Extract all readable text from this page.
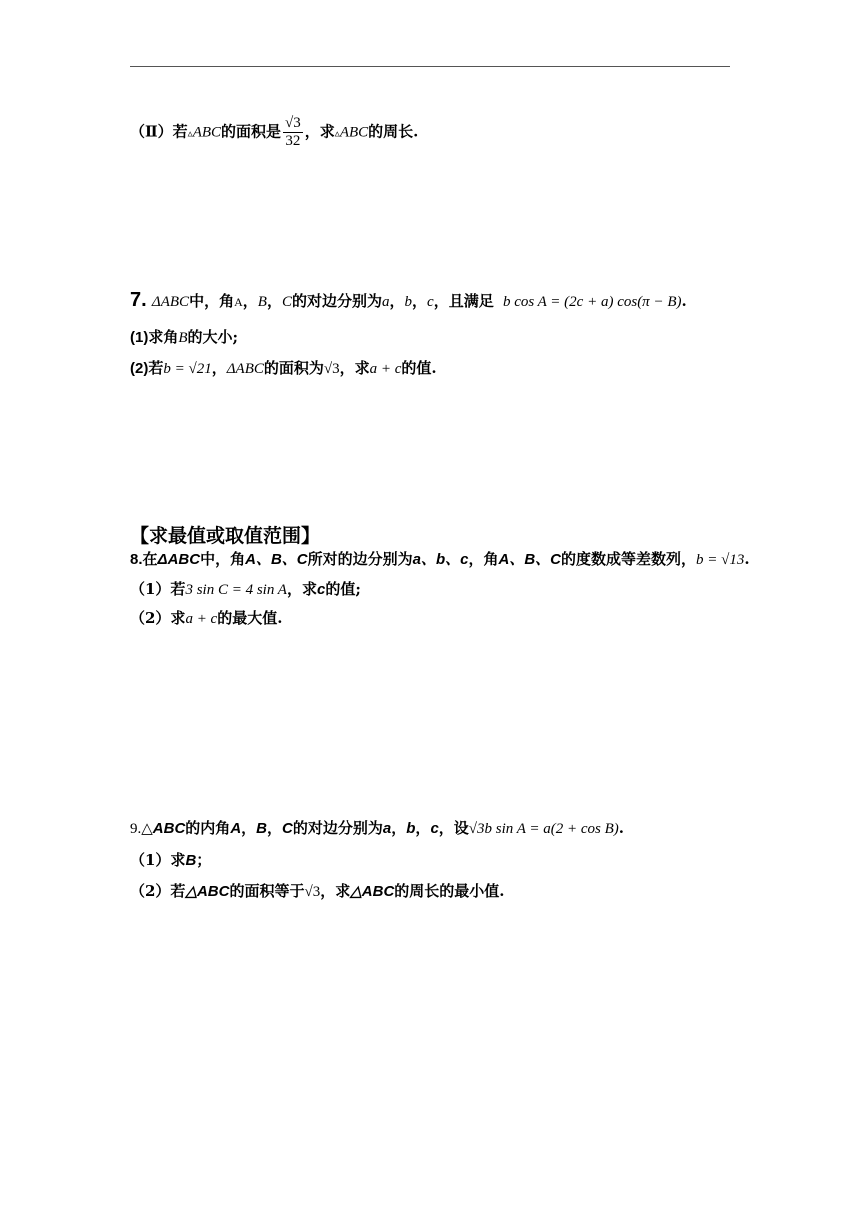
（Ⅱ）若▵ABC的面积是 $\frac{√3}{32}$ ，求▵ABC的周长.
7. ΔABC中，角A，B，C的对边分别为a，b，c，且满足 b cos A = (2c + a) cos(π − B).
(1)求角B的大小;
(2)若b = √21，ΔABC的面积为√3，求a + c的值.
【求最值或取值范围】
8.在ΔABC中，角A、B、C所对的边分别为a、b、c，角A、B、C的度数成等差数列，b = √13.
（1）若3 sin C = 4 sin A，求c的值;
（2）求a + c的最大值.
9.△ABC的内角A，B，C的对边分别为a，b，c，设√3b sin A = a(2 + cos B).
（1）求B；
（2）若△ABC的面积等于√3，求△ABC的周长的最小值.
